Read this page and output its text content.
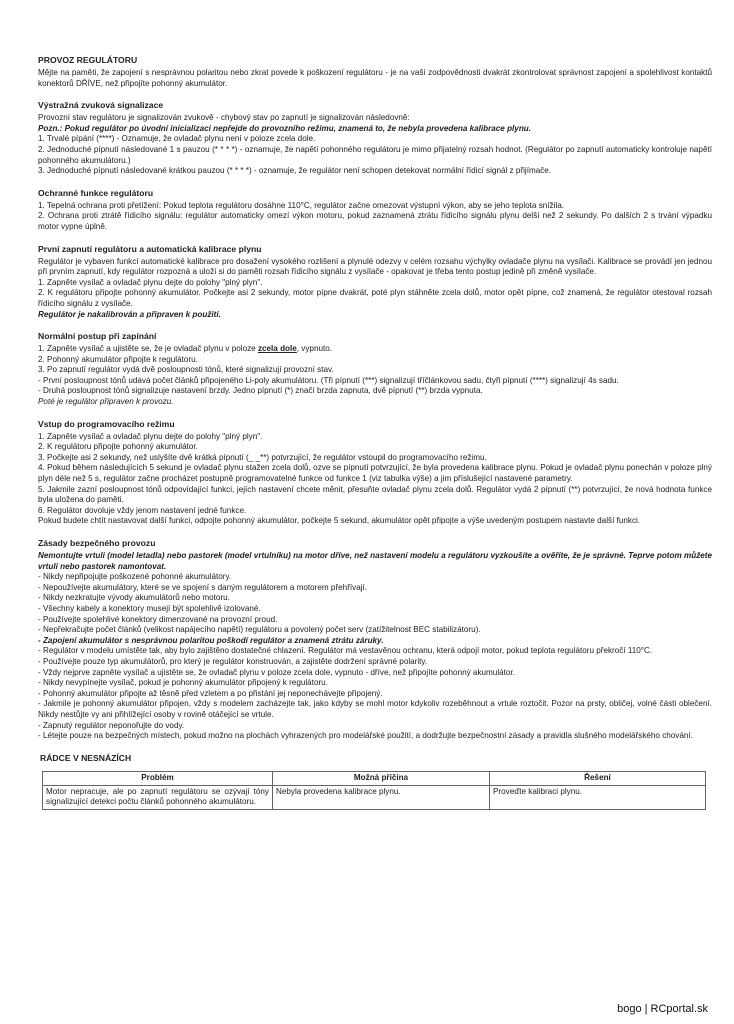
PROVOZ REGULÁTORU

Mějte na paměti, že zapojení s nesprávnou polaritou nebo zkrat povede k poškození regulátoru - je na vaší zodpovědnosti dvakrát zkontrolovat správnost zapojení a spolehlivost kontaktů konektorů DŘÍVE, než připojíte pohonný akumulátor.

Výstražná zvuková signalizace

Provozní stav regulátoru je signalizován zvukově - chybový stav po zapnutí je signalizován následovně:

Pozn.: Pokud regulátor po úvodní inicializaci nepřejde do provozního režimu, znamená to, že nebyla provedena kalibrace plynu.

1. Trvalé pípání (****) - Oznamuje, že ovladač plynu není v poloze zcela dole.

2. Jednoduché pípnutí následované 1 s pauzou (* * * *) - oznamuje, že napětí pohonného regulátoru je mimo přijatelný rozsah hodnot. (Regulátor po zapnutí automaticky kontroluje napětí pohonného akumulátoru.)

3. Jednoduché pípnutí následované krátkou pauzou (* * * *) - oznamuje, že regulátor není schopen detekovat normální řídicí signál z přijímače.

Ochranné funkce regulátoru

1. Tepelná ochrana proti přetížení: Pokud teplota regulátoru dosáhne 110°C, regulátor začne omezovat výstupní výkon, aby se jeho teplota snížila.

2. Ochrana proti ztrátě řídicího signálu: regulátor automaticky omezí výkon motoru, pokud zaznamená ztrátu řídicího signálu plynu delší než 2 sekundy. Po dalších 2 s trvání výpadku motor vypne úplně.

První zapnutí regulátoru a automatická kalibrace plynu

Regulátor je vybaven funkcí automatické kalibrace pro dosažení vysokého rozlišení a plynulé odezvy v celém rozsahu výchylky ovladače plynu na vysílači. Kalibrace se provádí jen jednou při prvním zapnutí, kdy regulátor rozpozná a uloží si do paměti rozsah řídicího signálu z vysílače - opakovat je třeba tento postup jedině při změně vysílače.

1. Zapněte vysílač a ovladač plynu dejte do polohy "plný plyn".

2. K regulátoru připojte pohonný akumulátor. Počkejte asi 2 sekundy, motor pípne dvakrát, poté plyn stáhněte zcela dolů, motor opět pípne, což znamená, že regulátor otestoval rozsah řídicího signálu z vysílače.

Regulátor je nakalibrován a připraven k použití.

Normální postup při zapínání

1. Zapněte vysílač a ujistěte se, že je ovladač plynu v poloze zcela dole, vypnuto.

2. Pohonný akumulátor připojte k regulátoru.

3. Po zapnutí regulátor vydá dvě posloupnosti tónů, které signalizují provozní stav.

- První posloupnost tónů udává počet článků připojeného Li-poly akumulátoru. (Tři pípnutí (***) signalizují tříčlánkovou sadu, čtyři pípnutí (****) signalizují 4s sadu.

- Druhá posloupnost tónů signalizuje nastavení brzdy. Jedno pípnutí (*) značí brzda zapnuta, dvě pípnutí (**) brzda vypnuta.

Poté je regulátor připraven k provozu.

Vstup do programovacího režimu

1. Zapněte vysílač a ovladač plynu dejte do polohy "plný plyn".

2. K regulátoru připojte pohonný akumulátor.

3. Počkejte asi 2 sekundy, než uslyšíte dvě krátká pípnutí (_ _**) potvrzující, že regulátor vstoupil do programovacího režimu.

4. Pokud během následujících 5 sekund je ovladač plynu stažen zcela dolů, ozve se pípnutí potvrzující, že byla provedena kalibrace plynu. Pokud je ovladač plynu ponechán v poloze plný plyn déle než 5 s, regulátor začne procházet postupně programovatelné funkce od funkce 1 (viz tabulka výše) a jim příslušející nastavené parametry.

5. Jakmile zazní posloupnost tónů odpovídající funkci, jejích nastavení chcete měnit, přesuňte ovladač plynu zcela dolů. Regulátor vydá 2 pípnutí (**) potvrzující, že nová hodnota funkce byla uložena do paměti.

6. Regulátor dovoluje vždy jenom nastavení jedné funkce.

Pokud budete chtít nastavovat další funkci, odpojte pohonný akumulátor, počkejte 5 sekund, akumulátor opět připojte a výše uvedeným postupem nastavte další funkci.

Zásady bezpečného provozu

Nemontujte vrtuli (model letadla) nebo pastorek (model vrtulníku) na motor dříve, než nastavení modelu a regulátoru vyzkoušíte a ověříte, že je správné. Teprve potom můžete vrtuli nebo pastorek namontovat.

- Nikdy nepřipojujte poškozené pohonné akumulátory.

- Nepoužívejte akumulátory, které se ve spojení s daným regulátorem a motorem přehřívají.

- Nikdy nezkratujte vývody akumulátorů nebo motoru.

- Všechny kabely a konektory musejí být spolehlivě izolované.

- Používejte spolehlivé konektory dimenzované na provozní proud.

- Nepřekračujte počet článků (velikost napájecího napětí) regulátoru a povolený počet serv (zatížitelnost BEC stabilizátoru).

- Zapojení akumulátor s nesprávnou polaritou poškodí regulátor a znamená ztrátu záruky.

- Regulátor v modelu umístěte tak, aby bylo zajištěno dostatečné chlazení. Regulátor má vestavěnou ochranu, která odpojí motor, pokud teplota regulátoru překročí 110°C.

- Používejte pouze typ akumulátorů, pro který je regulátor konstruován, a zajistěte dodržení správné polarity.

- Vždy nejprve zapněte vysílač a ujistěte se, že ovladač plynu v poloze zcela dole, vypnuto - dříve, než připojíte pohonný akumulátor.

- Nikdy nevypínejte vysílač, pokud je pohonný akumulátor připojený k regulátoru.

- Pohonný akumulátor připojte až těsně před vzletem a po přistání jej neponechávejte připojený.

- Jakmile je pohonný akumulátor připojen, vždy s modelem zacházejte tak, jako kdyby se mohl motor kdykoliv rozeběhnout a vrtule roztočit. Pozor na prsty, obličej, volné části oblečení. Nikdy nestůjte vy ani přihlížející osoby v rovině otáčející se vrtule.

- Zapnutý regulátor neponořujte do vody.

- Létejte pouze na bezpečných místech, pokud možno na plochách vyhrazených pro modelářské použití, a dodržujte bezpečnostní zásady a pravidla slušného modelářského chování.

RÁDCE V NESNÁZÍCH
Problém	Možná příčina	Řešení
Motor nepracuje, ale po zapnutí regulátoru se ozývají tóny signalizující detekci počtu článků pohonného akumulátoru.	Nebyla provedena kalibrace plynu.	Proveďte kalibraci plynu.
bogo | RCportal.sk
